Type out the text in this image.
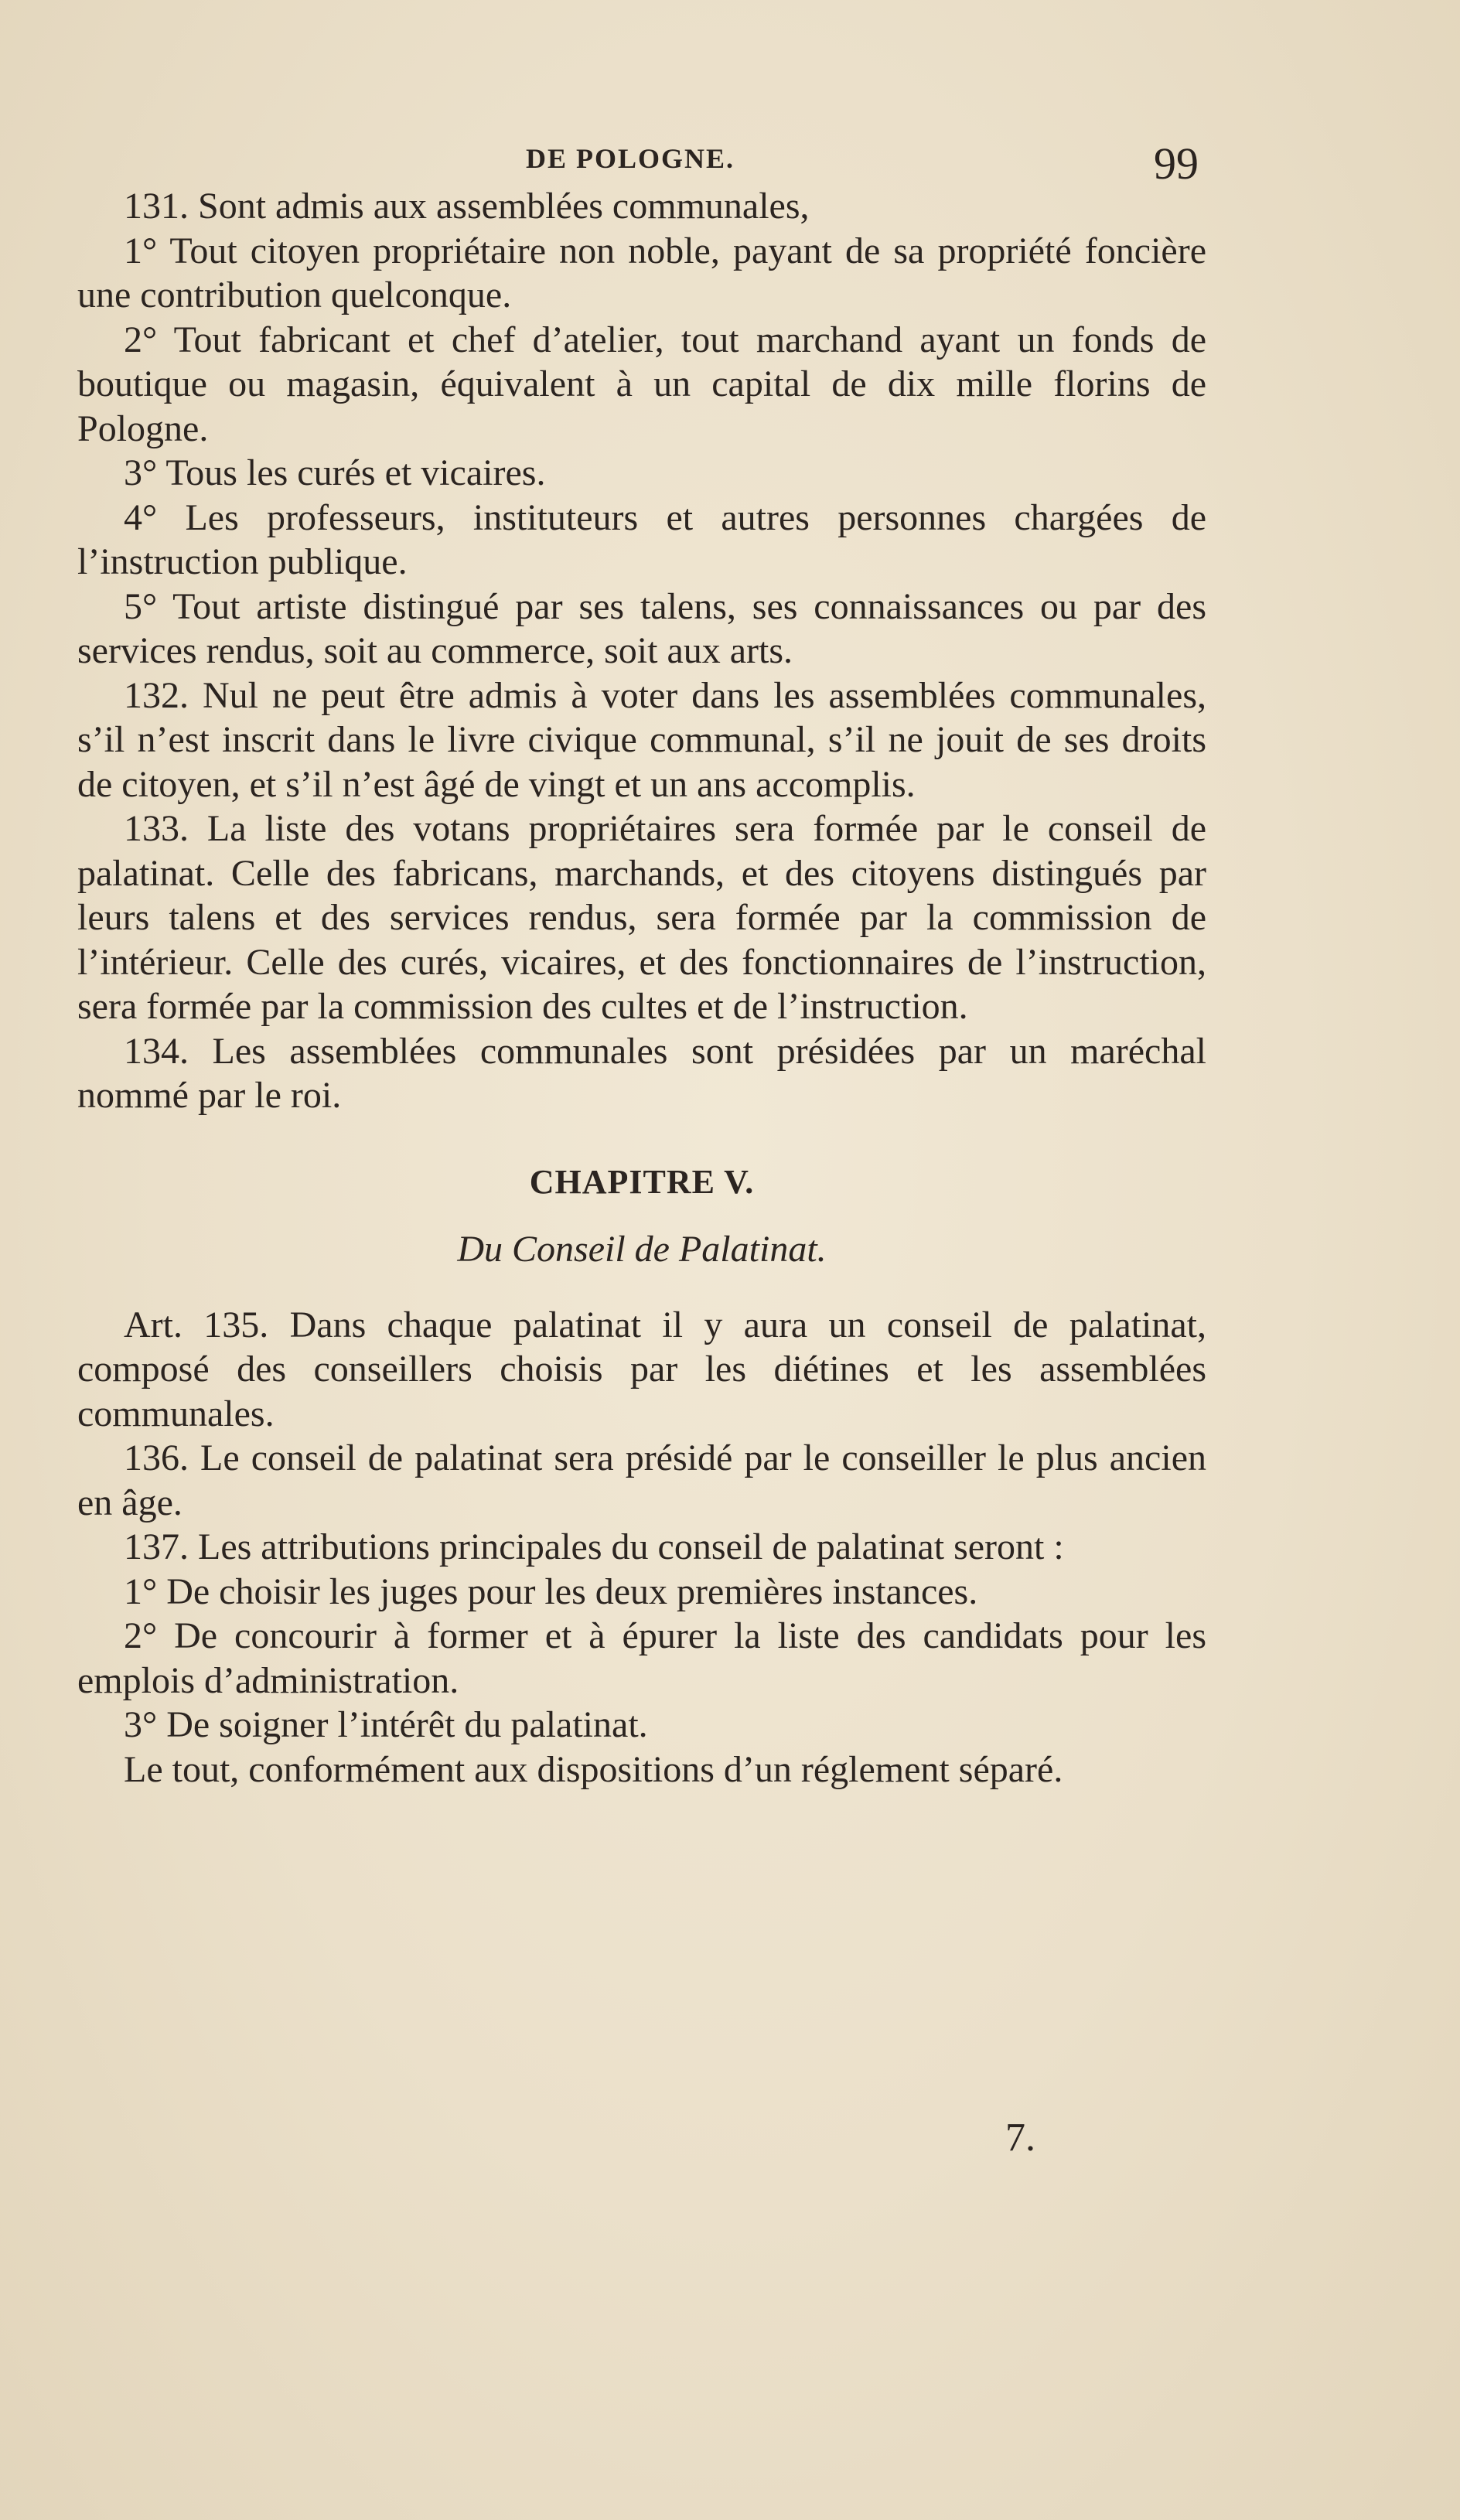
DE POLOGNE.	99

131. Sont admis aux assemblées communales,

1° Tout citoyen propriétaire non noble, payant de sa propriété foncière une contribution quelconque.

2° Tout fabricant et chef d’atelier, tout marchand ayant un fonds de boutique ou magasin, équivalent à un capital de dix mille florins de Pologne.

3° Tous les curés et vicaires.

4° Les professeurs, instituteurs et autres personnes chargées de l’instruction publique.

5° Tout artiste distingué par ses talens, ses connaissances ou par des services rendus, soit au commerce, soit aux arts.

132. Nul ne peut être admis à voter dans les assemblées communales, s’il n’est inscrit dans le livre civique communal, s’il ne jouit de ses droits de citoyen, et s’il n’est âgé de vingt et un ans accomplis.

133. La liste des votans propriétaires sera formée par le conseil de palatinat. Celle des fabricans, marchands, et des citoyens distingués par leurs talens et des services rendus, sera formée par la commission de l’intérieur. Celle des curés, vicaires, et des fonctionnaires de l’instruction, sera formée par la commission des cultes et de l’instruction.

134. Les assemblées communales sont présidées par un maréchal nommé par le roi.

CHAPITRE V.

Du Conseil de Palatinat.

Art. 135. Dans chaque palatinat il y aura un conseil de palatinat, composé des conseillers choisis par les diétines et les assemblées communales.

136. Le conseil de palatinat sera présidé par le conseiller le plus ancien en âge.

137. Les attributions principales du conseil de palatinat seront :

1° De choisir les juges pour les deux premières instances.

2° De concourir à former et à épurer la liste des candidats pour les emplois d’administration.

3° De soigner l’intérêt du palatinat.

Le tout, conformément aux dispositions d’un réglement séparé.

7.
